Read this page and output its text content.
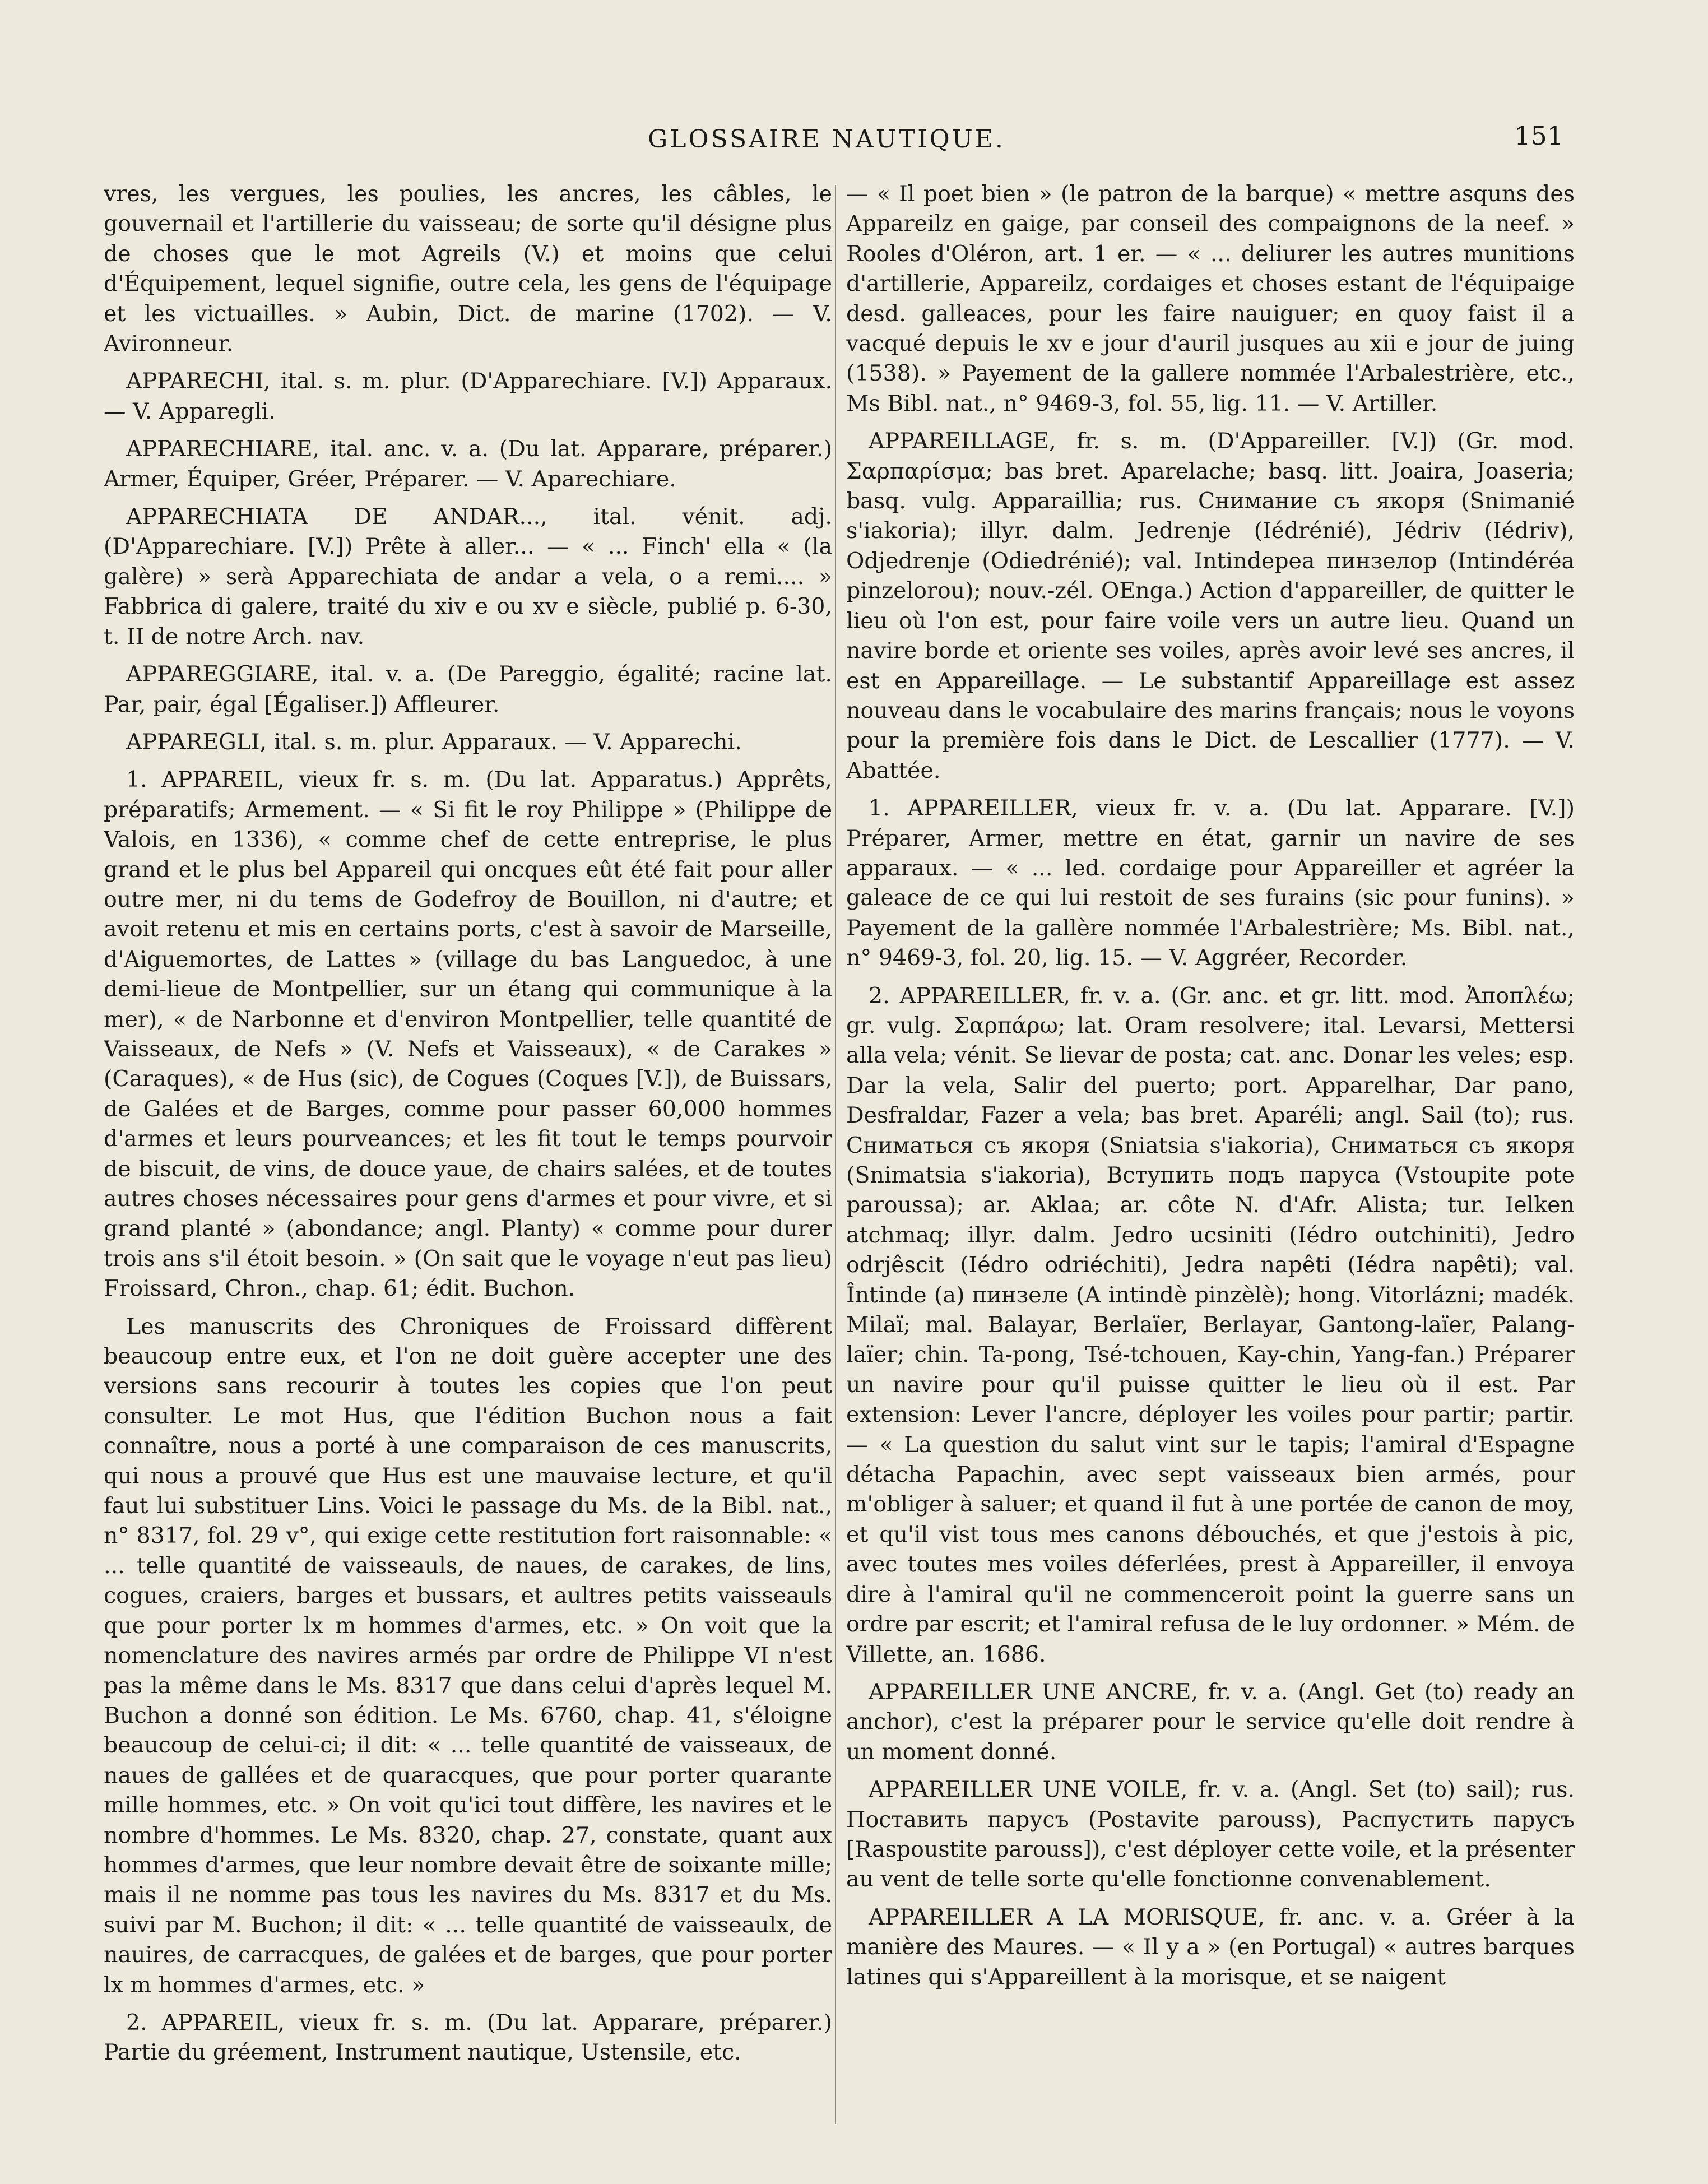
GLOSSAIRE NAUTIQUE.	151

vres, les vergues, les poulies, les ancres, les câbles, le gouvernail et l'artillerie du vaisseau; de sorte qu'il désigne plus de choses que le mot Agreils (V.) et moins que celui d'Équipement, lequel signifie, outre cela, les gens de l'équipage et les victuailles. » Aubin, Dict. de marine (1702). — V. Avironneur.

APPARECHI, ital. s. m. plur. (D'Apparechiare. [V.]) Apparaux. — V. Apparegli.

APPARECHIARE, ital. anc. v. a. (Du lat. Apparare, préparer.) Armer, Équiper, Gréer, Préparer. — V. Aparechiare.

APPARECHIATA DE ANDAR..., ital. vénit. adj. (D'Apparechiare. [V.]) Prête à aller... — « ... Finch' ella « (la galère) » serà Apparechiata de andar a vela, o a remi.... » Fabbrica di galere, traité du xiv e ou xv e siècle, publié p. 6-30, t. II de notre Arch. nav.

APPAREGGIARE, ital. v. a. (De Pareggio, égalité; racine lat. Par, pair, égal [Égaliser.]) Affleurer.

APPAREGLI, ital. s. m. plur. Apparaux. — V. Apparechi.

1. APPAREIL, vieux fr. s. m. (Du lat. Apparatus.) Apprêts, préparatifs; Armement. — « Si fit le roy Philippe » (Philippe de Valois, en 1336), « comme chef de cette entreprise, le plus grand et le plus bel Appareil qui oncques eût été fait pour aller outre mer, ni du tems de Godefroy de Bouillon, ni d'autre; et avoit retenu et mis en certains ports, c'est à savoir de Marseille, d'Aiguemortes, de Lattes » (village du bas Languedoc, à une demi-lieue de Montpellier, sur un étang qui communique à la mer), « de Narbonne et d'environ Montpellier, telle quantité de Vaisseaux, de Nefs » (V. Nefs et Vaisseaux), « de Carakes » (Caraques), « de Hus (sic), de Cogues (Coques [V.]), de Buissars, de Galées et de Barges, comme pour passer 60,000 hommes d'armes et leurs pourveances; et les fit tout le temps pourvoir de biscuit, de vins, de douce yaue, de chairs salées, et de toutes autres choses nécessaires pour gens d'armes et pour vivre, et si grand planté » (abondance; angl. Planty) « comme pour durer trois ans s'il étoit besoin. » (On sait que le voyage n'eut pas lieu) Froissard, Chron., chap. 61; édit. Buchon.

Les manuscrits des Chroniques de Froissard diffèrent beaucoup entre eux, et l'on ne doit guère accepter une des versions sans recourir à toutes les copies que l'on peut consulter. Le mot Hus, que l'édition Buchon nous a fait connaître, nous a porté à une comparaison de ces manuscrits, qui nous a prouvé que Hus est une mauvaise lecture, et qu'il faut lui substituer Lins. Voici le passage du Ms. de la Bibl. nat., n° 8317, fol. 29 v°, qui exige cette restitution fort raisonnable: « ... telle quantité de vaisseauls, de naues, de carakes, de lins, cogues, craiers, barges et bussars, et aultres petits vaisseauls que pour porter lx m hommes d'armes, etc. » On voit que la nomenclature des navires armés par ordre de Philippe VI n'est pas la même dans le Ms. 8317 que dans celui d'après lequel M. Buchon a donné son édition. Le Ms. 6760, chap. 41, s'éloigne beaucoup de celui-ci; il dit: « ... telle quantité de vaisseaux, de naues de gallées et de quaracques, que pour porter quarante mille hommes, etc. » On voit qu'ici tout diffère, les navires et le nombre d'hommes. Le Ms. 8320, chap. 27, constate, quant aux hommes d'armes, que leur nombre devait être de soixante mille; mais il ne nomme pas tous les navires du Ms. 8317 et du Ms. suivi par M. Buchon; il dit: « ... telle quantité de vaisseaulx, de nauires, de carracques, de galées et de barges, que pour porter lx m hommes d'armes, etc. »

2. APPAREIL, vieux fr. s. m. (Du lat. Apparare, préparer.) Partie du gréement, Instrument nautique, Ustensile, etc.

— « Il poet bien » (le patron de la barque) « mettre asquns des Appareilz en gaige, par conseil des compaignons de la neef. » Rooles d'Oléron, art. 1 er. — « ... deliurer les autres munitions d'artillerie, Appareilz, cordaiges et choses estant de l'équipaige desd. galleaces, pour les faire nauiguer; en quoy faist il a vacqué depuis le xv e jour d'auril jusques au xii e jour de juing (1538). » Payement de la gallere nommée l'Arbalestrière, etc., Ms Bibl. nat., n° 9469-3, fol. 55, lig. 11. — V. Artiller.

APPAREILLAGE, fr. s. m. (D'Appareiller. [V.]) (Gr. mod. Σαρπαρίσμα; bas bret. Aparelache; basq. litt. Joaira, Joaseria; basq. vulg. Apparaillia; rus. Снимание съ якоря (Snimanié s'iakoria); illyr. dalm. Jedrenje (Iédrénié), Jédriv (Iédriv), Odjedrenje (Odiedrénié); val. Intindepea пинзелор (Intindéréa pinzelorou); nouv.-zél. OEnga.) Action d'appareiller, de quitter le lieu où l'on est, pour faire voile vers un autre lieu. Quand un navire borde et oriente ses voiles, après avoir levé ses ancres, il est en Appareillage. — Le substantif Appareillage est assez nouveau dans le vocabulaire des marins français; nous le voyons pour la première fois dans le Dict. de Lescallier (1777). — V. Abattée.

1. APPAREILLER, vieux fr. v. a. (Du lat. Apparare. [V.]) Préparer, Armer, mettre en état, garnir un navire de ses apparaux. — « ... led. cordaige pour Appareiller et agréer la galeace de ce qui lui restoit de ses furains (sic pour funins). » Payement de la gallère nommée l'Arbalestrière; Ms. Bibl. nat., n° 9469-3, fol. 20, lig. 15. — V. Aggréer, Recorder.

2. APPAREILLER, fr. v. a. (Gr. anc. et gr. litt. mod. Ἀποπλέω; gr. vulg. Σαρπάρω; lat. Oram resolvere; ital. Levarsi, Mettersi alla vela; vénit. Se lievar de posta; cat. anc. Donar les veles; esp. Dar la vela, Salir del puerto; port. Apparelhar, Dar pano, Desfraldar, Fazer a vela; bas bret. Aparéli; angl. Sail (to); rus. Сниматься съ якоря (Sniatsia s'iakoria), Сниматься съ якоря (Snimatsia s'iakoria), Вступить подъ паруса (Vstoupite pote paroussa); ar. Aklaa; ar. côte N. d'Afr. Alista; tur. Ielken atchmaq; illyr. dalm. Jedro ucsiniti (Iédro outchiniti), Jedro odrjêscit (Iédro odriéchiti), Jedra napêti (Iédra napêti); val. Întinde (a) пинзеле (A intindè pinzèlè); hong. Vitorlázni; madék. Milaï; mal. Balayar, Berlaïer, Berlayar, Gantong-laïer, Palang-laïer; chin. Ta-pong, Tsé-tchouen, Kay-chin, Yang-fan.) Préparer un navire pour qu'il puisse quitter le lieu où il est. Par extension: Lever l'ancre, déployer les voiles pour partir; partir. — « La question du salut vint sur le tapis; l'amiral d'Espagne détacha Papachin, avec sept vaisseaux bien armés, pour m'obliger à saluer; et quand il fut à une portée de canon de moy, et qu'il vist tous mes canons débouchés, et que j'estois à pic, avec toutes mes voiles déferlées, prest à Appareiller, il envoya dire à l'amiral qu'il ne commenceroit point la guerre sans un ordre par escrit; et l'amiral refusa de le luy ordonner. » Mém. de Villette, an. 1686.

APPAREILLER UNE ANCRE, fr. v. a. (Angl. Get (to) ready an anchor), c'est la préparer pour le service qu'elle doit rendre à un moment donné.

APPAREILLER UNE VOILE, fr. v. a. (Angl. Set (to) sail); rus. Поставить парусъ (Postavite parouss), Распустить парусъ [Raspoustite parouss]), c'est déployer cette voile, et la présenter au vent de telle sorte qu'elle fonctionne convenablement.

APPAREILLER A LA MORISQUE, fr. anc. v. a. Gréer à la manière des Maures. — « Il y a » (en Portugal) « autres barques latines qui s'Appareillent à la morisque, et se naigent
